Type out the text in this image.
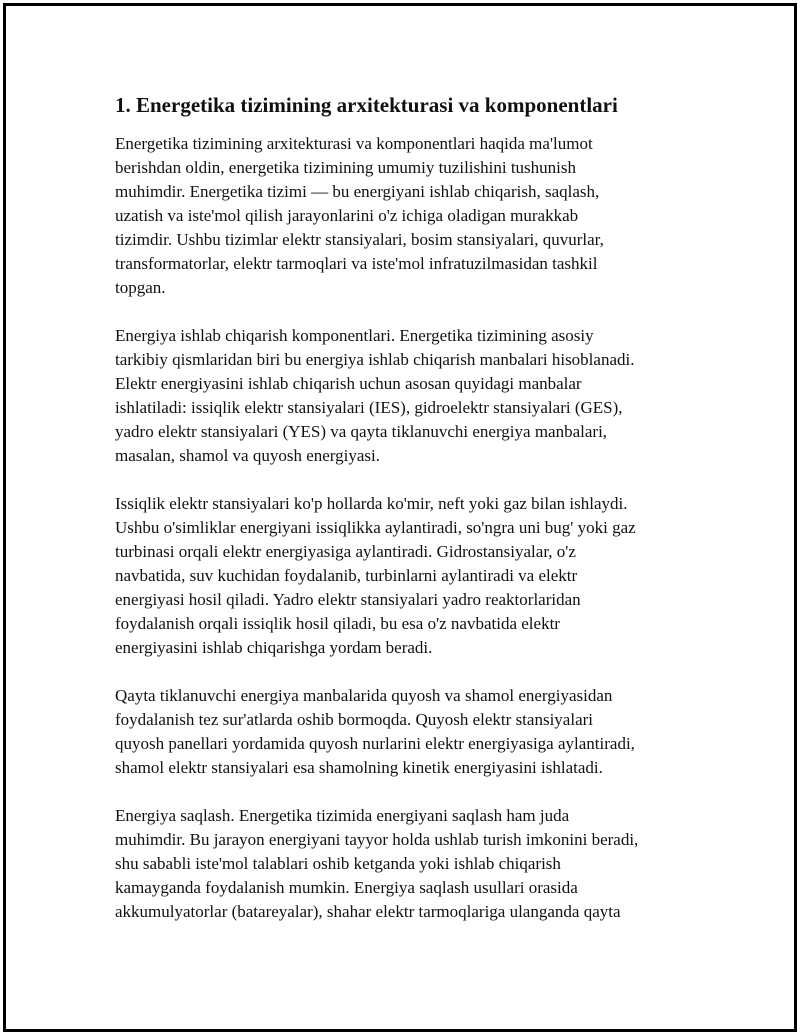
1. Energetika tizimining arxitekturasi va komponentlari

Energetika tizimining arxitekturasi va komponentlari haqida ma'lumot
berishdan oldin, energetika tizimining umumiy tuzilishini tushunish
muhimdir. Energetika tizimi — bu energiyani ishlab chiqarish, saqlash,
uzatish va iste'mol qilish jarayonlarini o'z ichiga oladigan murakkab
tizimdir. Ushbu tizimlar elektr stansiyalari, bosim stansiyalari, quvurlar,
transformatorlar, elektr tarmoqlari va iste'mol infratuzilmasidan tashkil
topgan.

Energiya ishlab chiqarish komponentlari. Energetika tizimining asosiy
tarkibiy qismlaridan biri bu energiya ishlab chiqarish manbalari hisoblanadi.
Elektr energiyasini ishlab chiqarish uchun asosan quyidagi manbalar
ishlatiladi: issiqlik elektr stansiyalari (IES), gidroelektr stansiyalari (GES),
yadro elektr stansiyalari (YES) va qayta tiklanuvchi energiya manbalari,
masalan, shamol va quyosh energiyasi.

Issiqlik elektr stansiyalari ko'p hollarda ko'mir, neft yoki gaz bilan ishlaydi.
Ushbu o'simliklar energiyani issiqlikka aylantiradi, so'ngra uni bug' yoki gaz
turbinasi orqali elektr energiyasiga aylantiradi. Gidrostansiyalar, o'z
navbatida, suv kuchidan foydalanib, turbinlarni aylantiradi va elektr
energiyasi hosil qiladi. Yadro elektr stansiyalari yadro reaktorlaridan
foydalanish orqali issiqlik hosil qiladi, bu esa o'z navbatida elektr
energiyasini ishlab chiqarishga yordam beradi.

Qayta tiklanuvchi energiya manbalarida quyosh va shamol energiyasidan
foydalanish tez sur'atlarda oshib bormoqda. Quyosh elektr stansiyalari
quyosh panellari yordamida quyosh nurlarini elektr energiyasiga aylantiradi,
shamol elektr stansiyalari esa shamolning kinetik energiyasini ishlatadi.

Energiya saqlash. Energetika tizimida energiyani saqlash ham juda
muhimdir. Bu jarayon energiyani tayyor holda ushlab turish imkonini beradi,
shu sababli iste'mol talablari oshib ketganda yoki ishlab chiqarish
kamayganda foydalanish mumkin. Energiya saqlash usullari orasida
akkumulyatorlar (batareyalar), shahar elektr tarmoqlariga ulanganda qayta
